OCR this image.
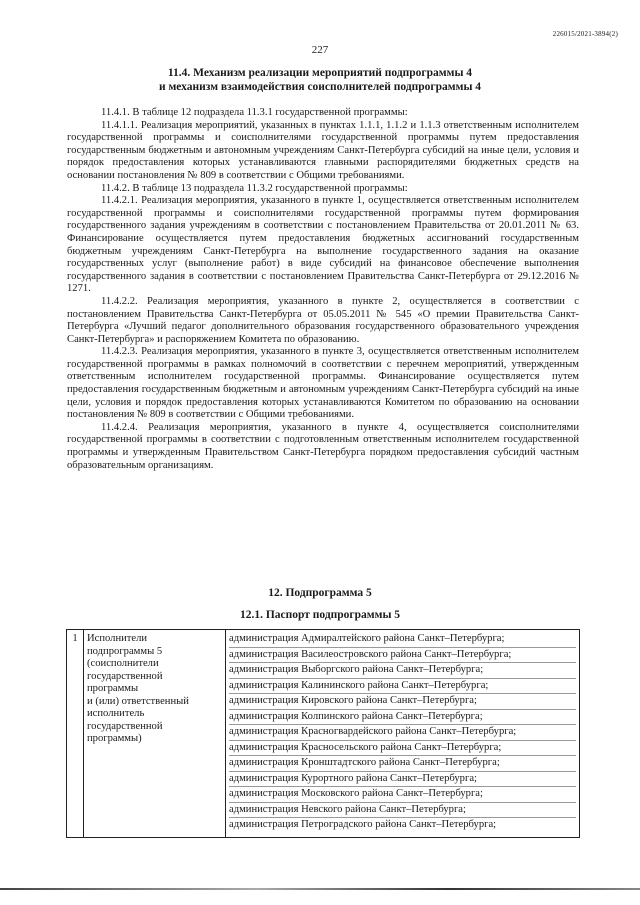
226015/2021-3894(2)
227
11.4. Механизм реализации мероприятий подпрограммы 4
и механизм взаимодействия соисполнителей подпрограммы 4

11.4.1. В таблице 12 подраздела 11.3.1 государственной программы:

11.4.1.1. Реализация мероприятий, указанных в пунктах 1.1.1, 1.1.2 и 1.1.3 ответственным исполнителем государственной программы и соисполнителями государственной программы путем предоставления государственным бюджетным и автономным учреждениям Санкт-Петербурга субсидий на иные цели, условия и порядок предоставления которых устанавливаются главными распорядителями бюджетных средств на основании постановления № 809 в соответствии с Общими требованиями.

11.4.2. В таблице 13 подраздела 11.3.2 государственной программы:

11.4.2.1. Реализация мероприятия, указанного в пункте 1, осуществляется ответственным исполнителем государственной программы и соисполнителями государственной программы путем формирования государственного задания учреждениям в соответствии с постановлением Правительства от 20.01.2011 № 63. Финансирование осуществляется путем предоставления бюджетных ассигнований государственным бюджетным учреждениям Санкт-Петербурга на выполнение государственного задания на оказание государственных услуг (выполнение работ) в виде субсидий на финансовое обеспечение выполнения государственного задания в соответствии с постановлением Правительства Санкт-Петербурга от 29.12.2016 № 1271.

11.4.2.2. Реализация мероприятия, указанного в пункте 2, осуществляется в соответствии с постановлением Правительства Санкт-Петербурга от 05.05.2011 № 545 «О премии Правительства Санкт-Петербурга «Лучший педагог дополнительного образования государственного образовательного учреждения Санкт-Петербурга» и распоряжением Комитета по образованию.

11.4.2.3. Реализация мероприятия, указанного в пункте 3, осуществляется ответственным исполнителем государственной программы в рамках полномочий в соответствии с перечнем мероприятий, утвержденным ответственным исполнителем государственной программы. Финансирование осуществляется путем предоставления государственным бюджетным и автономным учреждениям Санкт-Петербурга субсидий на иные цели, условия и порядок предоставления которых устанавливаются Комитетом по образованию на основании постановления № 809 в соответствии с Общими требованиями.

11.4.2.4. Реализация мероприятия, указанного в пункте 4, осуществляется соисполнителями государственной программы в соответствии с подготовленным ответственным исполнителем государственной программы и утвержденным Правительством Санкт-Петербурга порядком предоставления субсидий частным образовательным организациям.

12. Подпрограмма 5
12.1. Паспорт подпрограммы 5
1	Исполнители
подпрограммы 5
(соисполнители
государственной
программы
и (или) ответственный
исполнитель
государственной
программы)

администрация Адмиралтейского района Санкт–Петербурга;
администрация Василеостровского района Санкт–Петербурга;
администрация Выборгского района Санкт–Петербурга;
администрация Калининского района Санкт–Петербурга;
администрация Кировского района Санкт–Петербурга;
администрация Колпинского района Санкт–Петербурга;
администрация Красногвардейского района Санкт–Петербурга;
администрация Красносельского района Санкт–Петербурга;
администрация Кронштадтского района Санкт–Петербурга;
администрация Курортного района Санкт–Петербурга;
администрация Московского района Санкт–Петербурга;
администрация Невского района Санкт–Петербурга;
администрация Петроградского района Санкт–Петербурга;
